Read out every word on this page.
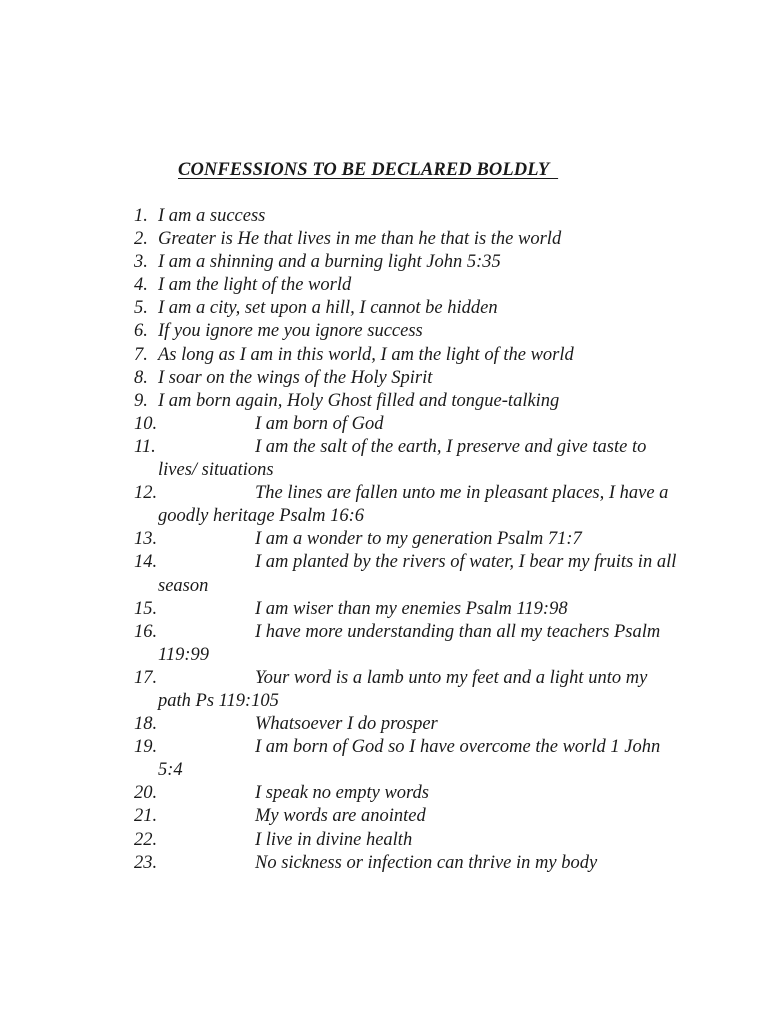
CONFESSIONS TO BE DECLARED BOLDLY
1. I am a success
2. Greater is He that lives in me than he that is the world
3. I am a shinning and a burning light John 5:35
4. I am the light of the world
5. I am a city, set upon a hill, I cannot be hidden
6. If you ignore me you ignore success
7. As long as I am in this world, I am the light of the world
8. I soar on the wings of the Holy Spirit
9. I am born again, Holy Ghost filled and tongue-talking
10.	I am born of God
11.	I am the salt of the earth, I preserve and give taste to lives/ situations
12.	The lines are fallen unto me in pleasant places, I have a goodly heritage Psalm 16:6
13.	I am a wonder to my generation Psalm 71:7
14.	I am planted by the rivers of water, I bear my fruits in all season
15.	I am wiser than my enemies Psalm 119:98
16.	I have more understanding than all my teachers Psalm 119:99
17.	Your word is a lamb unto my feet and a light unto my path Ps 119:105
18.	Whatsoever I do prosper
19.	I am born of God so I have overcome the world 1 John 5:4
20.	I speak no empty words
21.	My words are anointed
22.	I live in divine health
23.	No sickness or infection can thrive in my body
